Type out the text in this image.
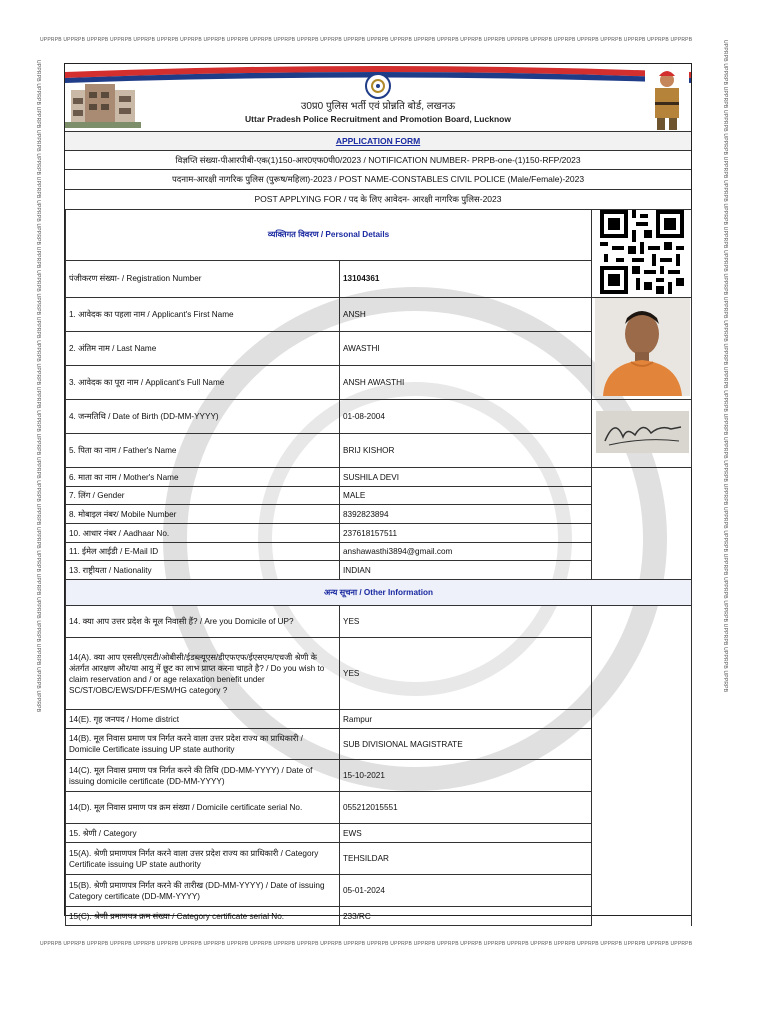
UPPRPB UPPRPB UPPRPB UPPRPB UPPRPB UPPRPB UPPRPB UPPRPB UPPRPB UPPRPB UPPRPB UPPRPB UPPRPB UPPRPB UPPRPB UPPRPB UPPRPB UPPRPB UPPRPB UPPRPB UPPRPB UPPRPB UPPRPB UPPRPB UPPRPB UPPRPB UPPRPB UPPRPB
UPPRPB UPPRPB UPPRPB UPPRPB UPPRPB UPPRPB UPPRPB UPPRPB UPPRPB UPPRPB UPPRPB UPPRPB UPPRPB UPPRPB UPPRPB UPPRPB UPPRPB UPPRPB UPPRPB UPPRPB UPPRPB UPPRPB UPPRPB UPPRPB UPPRPB UPPRPB UPPRPB UPPRPB
UPPRPB UPPRPB UPPRPB UPPRPB UPPRPB UPPRPB UPPRPB UPPRPB UPPRPB UPPRPB UPPRPB UPPRPB UPPRPB UPPRPB UPPRPB UPPRPB UPPRPB UPPRPB UPPRPB UPPRPB UPPRPB UPPRPB UPPRPB UPPRPB UPPRPB UPPRPB UPPRPB UPPRPB	UPPRPB UPPRPB UPPRPB UPPRPB UPPRPB UPPRPB UPPRPB UPPRPB UPPRPB UPPRPB UPPRPB UPPRPB UPPRPB UPPRPB UPPRPB UPPRPB UPPRPB UPPRPB UPPRPB UPPRPB UPPRPB UPPRPB UPPRPB UPPRPB UPPRPB UPPRPB UPPRPB UPPRPB
उ0प्र0 पुलिस भर्ती एवं प्रोन्नति बोर्ड, लखनऊ
Uttar Pradesh Police Recruitment and Promotion Board, Lucknow
APPLICATION FORM
विज्ञप्ति संख्या-पीआरपीबी-एक(1)150-आर0एफ0पी0/2023 / NOTIFICATION NUMBER- PRPB-one-(1)150-RFP/2023
पदनाम-आरक्षी नागरिक पुलिस (पुरूष/महिला)-2023 / POST NAME-CONSTABLES CIVIL POLICE (Male/Female)-2023
POST APPLYING FOR / पद के लिए आवेदन- आरक्षी नागरिक पुलिस-2023
व्यक्तिगत विवरण / Personal Details	
पंजीकरण संख्या- / Registration Number	13104361	
1. आवेदक का पहला नाम / Applicant's First Name	ANSH	
2. अंतिम नाम / Last Name	AWASTHI	
3. आवेदक का पूरा नाम / Applicant's Full Name	ANSH AWASTHI	
4. जन्मतिथि / Date of Birth (DD-MM-YYYY)	01-08-2004	
5. पिता का नाम / Father's Name	BRIJ KISHOR	
6. माता का नाम / Mother's Name	SUSHILA DEVI	
7. लिंग / Gender	MALE	
8. मोबाइल नंबर/ Mobile Number	8392823894	
10. आधार नंबर / Aadhaar No.	237618157511	
11. ईमेल आईडी / E-Mail ID	anshawasthi3894@gmail.com	
13. राष्ट्रीयता / Nationality	INDIAN	
अन्य सूचना / Other Information		
14. क्या आप उत्तर प्रदेश के मूल निवासी हैं? / Are you Domicile of UP?	YES	
14(A). क्या आप एससी/एसटी/ओबीसी/ईडब्ल्यूएस/डीएफएफ/ईएसएम/एचजी श्रेणी के अंतर्गत आरक्षण और/या आयु में छूट का लाभ प्राप्त करना चाहते है? / Do you wish to claim reservation and / or age relaxation benefit under SC/ST/OBC/EWS/DFF/ESM/HG category ?	YES	
14(E). गृह जनपद / Home district	Rampur	
14(B). मूल निवास प्रमाण पत्र निर्गत करने वाला उत्तर प्रदेश राज्य का प्राधिकारी / Domicile Certificate issuing UP state authority	SUB DIVISIONAL MAGISTRATE	
14(C). मूल निवास प्रमाण पत्र निर्गत करने की तिथि (DD-MM-YYYY) / Date of issuing domicile certificate (DD-MM-YYYY)	15-10-2021	
14(D). मूल निवास प्रमाण पत्र क्रम संख्या / Domicile certificate serial No.	055212015551	
15. श्रेणी / Category	EWS	
15(A). श्रेणी प्रमाणपत्र निर्गत करने वाला उत्तर प्रदेश राज्य का प्राधिकारी / Category Certificate issuing UP state authority	TEHSILDAR	
15(B). श्रेणी प्रमाणपत्र निर्गत करने की तारीख (DD-MM-YYYY) / Date of issuing Category certificate (DD-MM-YYYY)	05-01-2024	
15(C). श्रेणी प्रमाणपत्र क्रम संख्या / Category certificate serial No.	233/RC	
